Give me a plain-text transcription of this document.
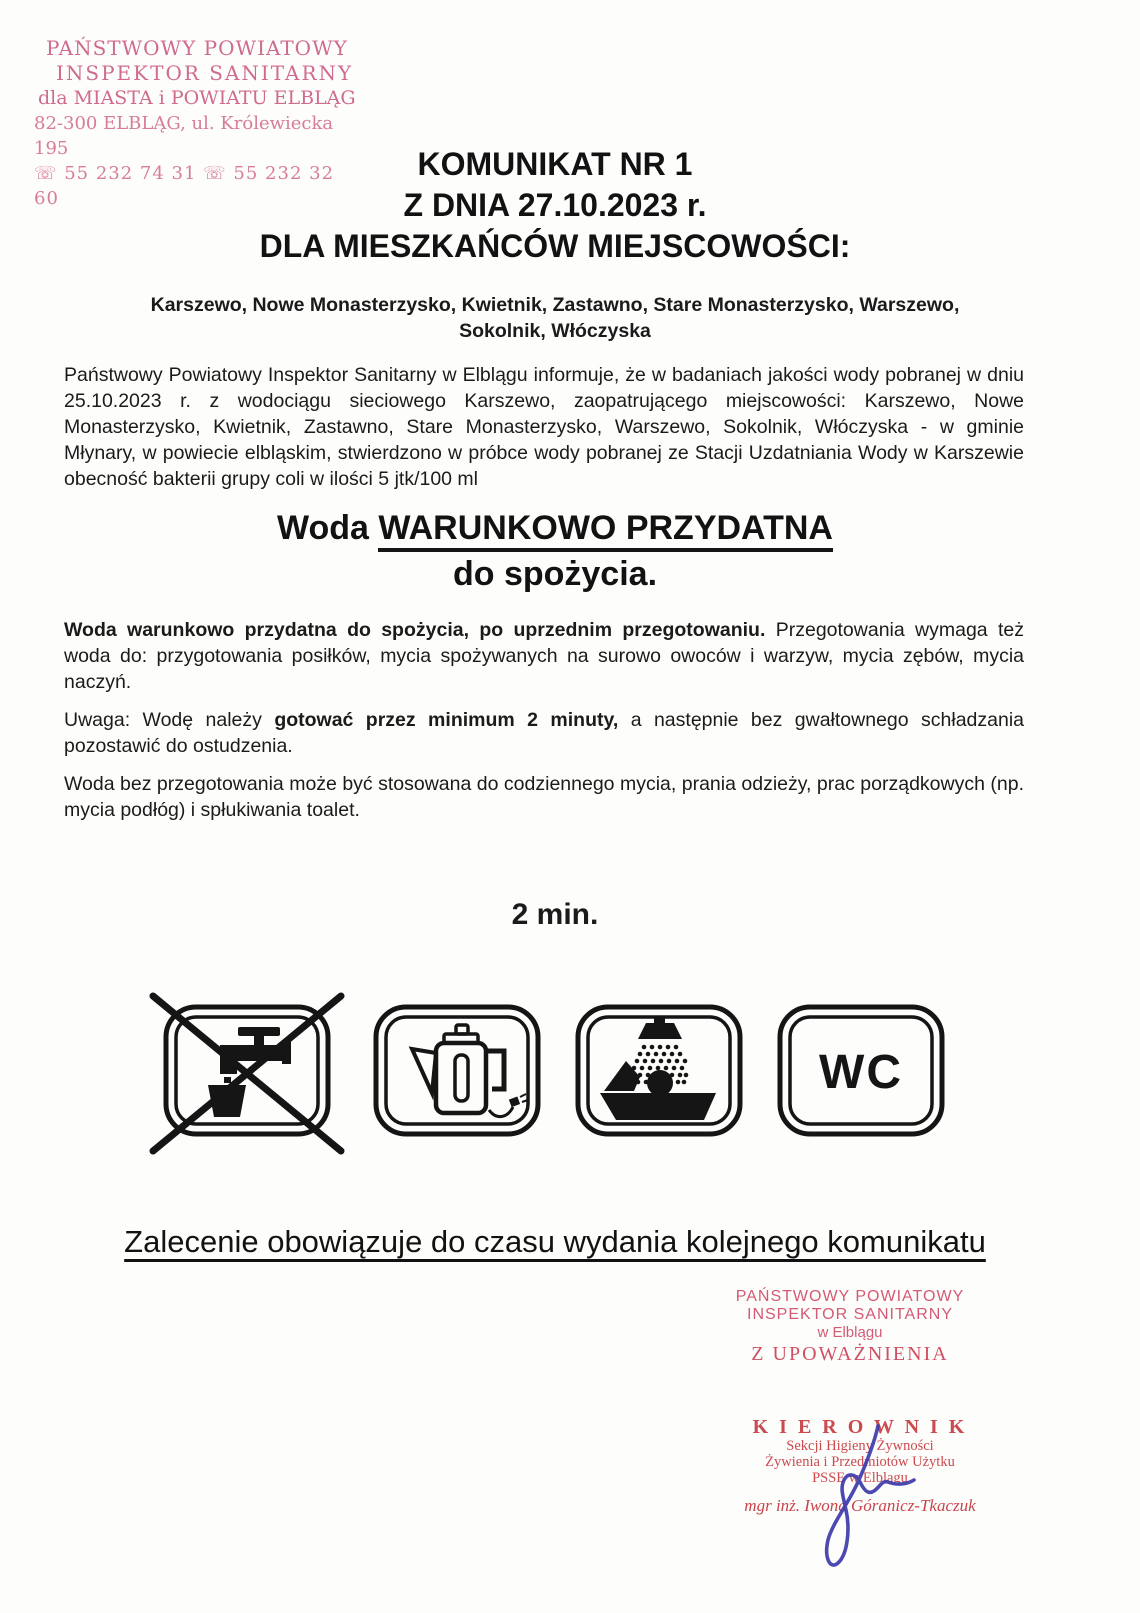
PAŃSTWOWY POWIATOWY
INSPEKTOR SANITARNY
dla MIASTA i POWIATU ELBLĄG
82-300 ELBLĄG, ul. Królewiecka 195
☏ 55 232 74 31 ☏ 55 232 32 60
KOMUNIKAT NR 1
Z DNIA 27.10.2023 r.
DLA MIESZKAŃCÓW MIEJSCOWOŚCI:
Karszewo, Nowe Monasterzysko, Kwietnik, Zastawno, Stare Monasterzysko, Warszewo,
Sokolnik, Włóczyska

Państwowy Powiatowy Inspektor Sanitarny w Elblągu informuje, że w badaniach jakości wody pobranej w dniu 25.10.2023 r. z wodociągu sieciowego Karszewo, zaopatrującego miejscowości: Karszewo, Nowe Monasterzysko, Kwietnik, Zastawno, Stare Monasterzysko, Warszewo, Sokolnik, Włóczyska - w gminie Młynary, w powiecie elbląskim, stwierdzono w próbce wody pobranej ze Stacji Uzdatniania Wody w Karszewie obecność bakterii grupy coli w ilości 5 jtk/100 ml

Woda WARUNKOWO PRZYDATNA
do spożycia.

Woda warunkowo przydatna do spożycia, po uprzednim przegotowaniu. Przegotowania wymaga też woda do: przygotowania posiłków, mycia spożywanych na surowo owoców i warzyw, mycia zębów, mycia naczyń.

Uwaga: Wodę należy gotować przez minimum 2 minuty, a następnie bez gwałtownego schładzania pozostawić do ostudzenia.

Woda bez przegotowania może być stosowana do codziennego mycia, prania odzieży, prac porządkowych (np. mycia podłóg) i spłukiwania toalet.

2 min.
WC
Zalecenie obowiązuje do czasu wydania kolejnego komunikatu
PAŃSTWOWY POWIATOWY
INSPEKTOR SANITARNY
w Elblągu
Z UPOWAŻNIENIA
K I E R O W N I K
Sekcji Higieny Żywności
Żywienia i Przedmiotów Użytku
PSSE w Elblągu
mgr inż. Iwona Góranicz-Tkaczuk
